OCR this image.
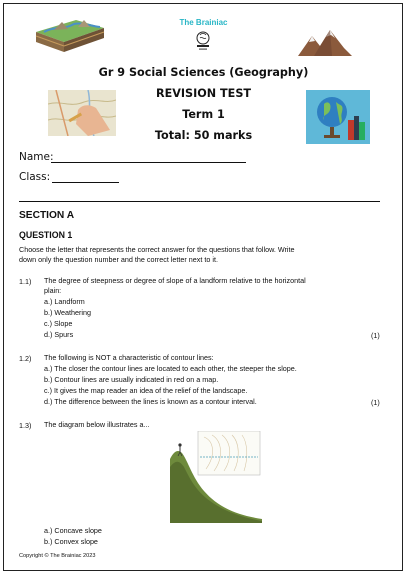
The Brainiac
Gr 9 Social Sciences (Geography)
REVISION TEST
Term 1
Total: 50 marks
Name:
Class:
SECTION A
QUESTION 1
Choose the letter that represents the correct answer for the questions that follow. Write
down only the question number and the correct letter next to it.
1.1) The degree of steepness or degree of slope of a landform relative to the horizontal
plain:
a.) Landform
b.) Weathering
c.) Slope
d.) Spurs	(1)
1.2) The following is NOT a characteristic of contour lines:
a.) The closer the contour lines are located to each other, the steeper the slope.
b.) Contour lines are usually indicated in red on a map.
c.) It gives the map reader an idea of the relief of the landscape.
d.) The difference between the lines is known as a contour interval.	(1)
1.3) The diagram below illustrates a...
a.) Concave slope
b.) Convex slope
Copyright © The Brainiac 2023
